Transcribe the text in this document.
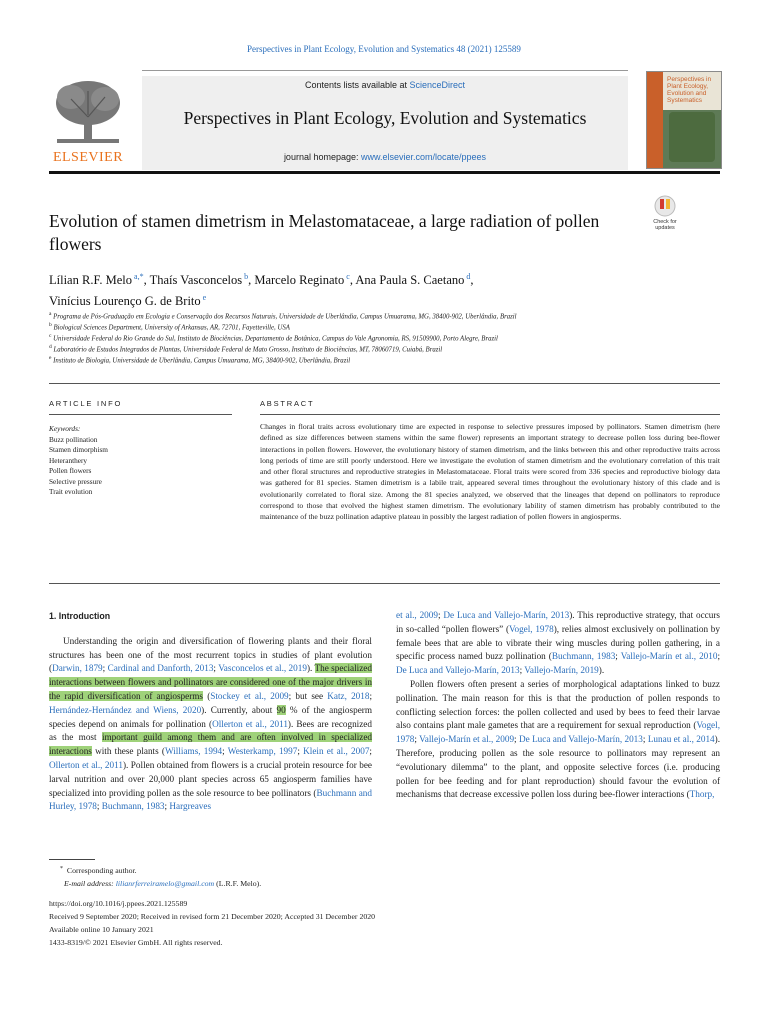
Perspectives in Plant Ecology, Evolution and Systematics 48 (2021) 125589
ELSEVIER
Contents lists available at ScienceDirect
Perspectives in Plant Ecology, Evolution and Systematics
journal homepage: www.elsevier.com/locate/ppees
Perspectives in Plant Ecology, Evolution and Systematics
Evolution of stamen dimetrism in Melastomataceae, a large radiation of pollen flowers
Check for updates
Lílian R.F. Melo $^{a,*}$, Thaís Vasconcelos $^b$, Marcelo Reginato $^c$, Ana Paula S. Caetano $^d$,
Vinícius Lourenço G. de Brito $^e$
$^a$ Programa de Pós-Graduação em Ecologia e Conservação dos Recursos Naturais, Universidade de Uberlândia, Campus Umuarama, MG, 38400-902, Uberlândia, Brazil
$^b$ Biological Sciences Department, University of Arkansas, AR, 72701, Fayetteville, USA
$^c$ Universidade Federal do Rio Grande do Sul, Instituto de Biociências, Departamento de Botânica, Campus do Vale Agronomia, RS, 91509900, Porto Alegre, Brazil
$^d$ Laboratório de Estudos Integrados de Plantas, Universidade Federal de Mato Grosso, Instituto de Biociências, MT, 78060719, Cuiabá, Brazil
$^e$ Instituto de Biologia, Universidade de Uberlândia, Campus Umuarama, MG, 38400-902, Uberlândia, Brazil
ARTICLE INFO	ABSTRACT
Keywords:
Buzz pollination
Stamen dimorphism
Heteranthery
Pollen flowers
Selective pressure
Trait evolution
Changes in floral traits across evolutionary time are expected in response to selective pressures imposed by pollinators. Stamen dimetrism (here defined as size differences between stamens within the same flower) represents an important strategy to decrease pollen loss during bee-flower interactions in pollen flowers. However, the evolutionary history of stamen dimetrism, and the links between this and other reproductive traits across long periods of time are still poorly understood. Here we investigate the evolution of stamen dimetrism and the evolutionary correlation of this trait and other floral structures and reproductive strategies in Melastomataceae. Floral traits were scored from 336 species and reproductive biology data was gathered for 81 species. Stamen dimetrism is a labile trait, appeared several times throughout the evolutionary history of this clade and is evolutionarily correlated to floral size. Among the 81 species analyzed, we observed that the lineages that depend on pollinators to reproduce correspond to those that evolved the highest stamen dimetrism. The evolutionary lability of stamen dimetrism has probably contributed to the maintenance of the buzz pollination adaptive plateau in possibly the largest radiation of pollen flowers in angiosperms.
1. Introduction

Understanding the origin and diversification of flowering plants and their floral structures has been one of the most recurrent topics in studies of plant evolution (Darwin, 1879; Cardinal and Danforth, 2013; Vasconcelos et al., 2019). The specialized interactions between flowers and pollinators are considered one of the major drivers in the rapid diversification of angiosperms (Stockey et al., 2009; but see Katz, 2018; Hernández-Hernández and Wiens, 2020). Currently, about 90 % of the angiosperm species depend on animals for pollination (Ollerton et al., 2011). Bees are recognized as the most important guild among them and are often involved in specialized interactions with these plants (Williams, 1994; Westerkamp, 1997; Klein et al., 2007; Ollerton et al., 2011). Pollen obtained from flowers is a crucial protein resource for bee larval nutrition and over 20,000 plant species across 65 angiosperm families have specialized into providing pollen as the sole resource to bee pollinators (Buchmann and Hurley, 1978; Buchmann, 1983; Hargreaves

et al., 2009; De Luca and Vallejo-Marín, 2013). This reproductive strategy, that occurs in so-called “pollen flowers” (Vogel, 1978), relies almost exclusively on pollination by female bees that are able to vibrate their wing muscles during pollen gathering, in a specific process named buzz pollination (Buchmann, 1983; Vallejo-Marín et al., 2010; De Luca and Vallejo-Marín, 2013; Vallejo-Marín, 2019).

Pollen flowers often present a series of morphological adaptations linked to buzz pollination. The main reason for this is that the production of pollen responds to conflicting selection forces: the pollen collected and used by bees to feed their larvae also contains plant male gametes that are a requirement for sexual reproduction (Vogel, 1978; Vallejo-Marín et al., 2009; De Luca and Vallejo-Marín, 2013; Lunau et al., 2014). Therefore, producing pollen as the sole resource to pollinators may represent an “evolutionary dilemma” to the plant, and opposite selective forces (i.e. producing pollen for bee feeding and for plant reproduction) should favour the evolution of mechanisms that decrease excessive pollen loss during bee-flower interactions (Thorp,

* Corresponding author.
E-mail address: lilianrferreiramelo@gmail.com (L.R.F. Melo).
https://doi.org/10.1016/j.ppees.2021.125589
Received 9 September 2020; Received in revised form 21 December 2020; Accepted 31 December 2020
Available online 10 January 2021
1433-8319/© 2021 Elsevier GmbH. All rights reserved.
